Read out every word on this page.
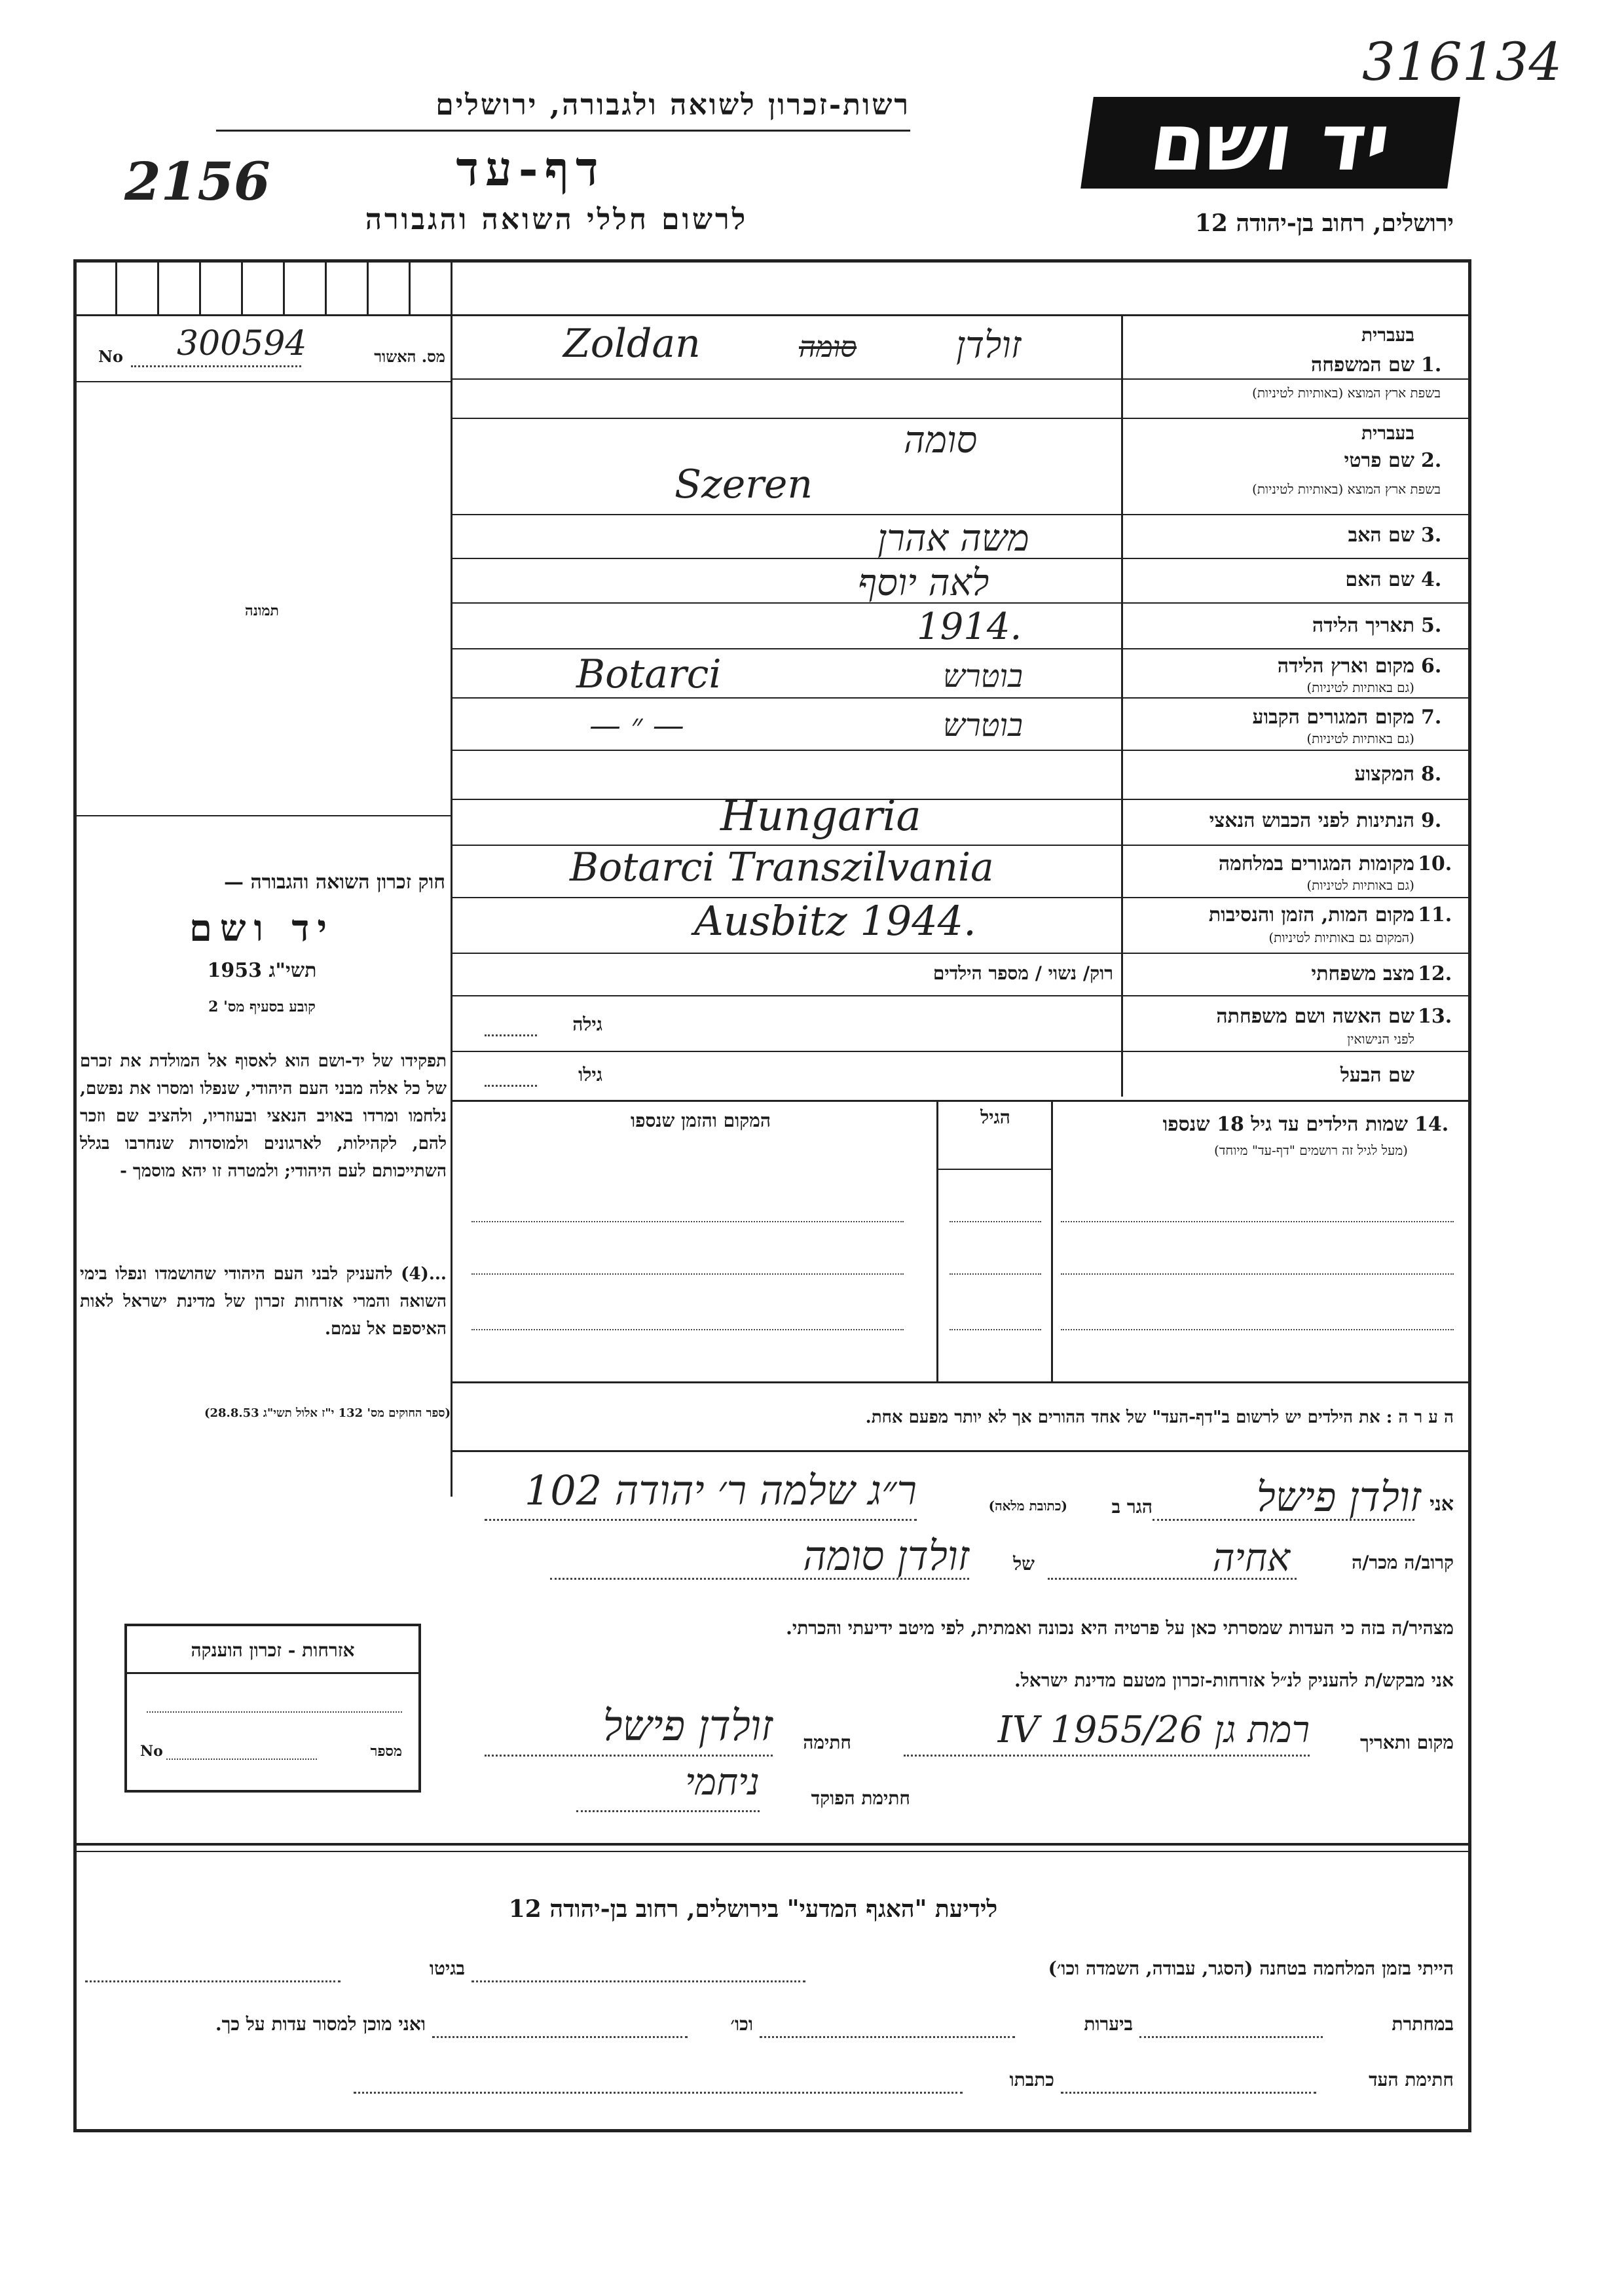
316134
2156
רשות-זכרון לשואה ולגבורה, ירושלים
דף-עד
לרשום חללי השואה והגבורה
יד ושם
ירושלים, רחוב בן-יהודה 12
No 300594	מס. האשור
תמונה
חוק זכרון השואה והגבורה —
יד ושם
תשי"ג 1953
קובע בסעיף מס' 2
תפקידו של יד-ושם הוא לאסוף אל המולדת את זכרם של כל אלה מבני העם היהודי, שנפלו ומסרו את נפשם, נלחמו ומרדו באויב הנאצי ובעוזריו, ולהציב שם וזכר להם, לקהילות, לארגונים ולמוסדות שנחרבו בגלל השתייכותם לעם היהודי; ולמטרה זו יהא מוסמך -
...(4) להעניק לבני העם היהודי שהושמדו ונפלו בימי השואה והמרי אזרחות זכרון של מדינת ישראל לאות האיספם אל עמם.
(ספר החוקים מס' 132 י"ז אלול תשי"ג 28.8.53)
1.
בעברית
שם המשפחה
בשפת ארץ המוצא (באותיות לטיניות)
Zoldan	סומה	זולדן
2.
בעברית
שם פרטי
בשפת ארץ המוצא (באותיות לטיניות)
סומה
Szeren
3.
שם האב
משה אהרן
4.
שם האם
לאה יוסף
5.
תאריך הלידה
1914.
6.
מקום וארץ הלידה
(גם באותיות לטיניות)
Botarci	בוטרש
7.
מקום המגורים הקבוע
(גם באותיות לטיניות)
— ״ —	בוטרש
8.
המקצוע
9.
הנתינות לפני הכבוש הנאצי
Hungaria
10.
מקומות המגורים במלחמה
(גם באותיות לטיניות)
Botarci Transzilvania
11.
מקום המות, הזמן והנסיבות
(המקום גם באותיות לטיניות)
Ausbitz 1944.
12.
מצב משפחתי
רוק/ נשוי / מספר הילדים
13.
שם האשה ושם משפחתה
לפני הנישואין
גילה
שם הבעל
גילו
14.
שמות הילדים עד גיל 18 שנספו
(מעל לגיל זה רושמים "דף-עד" מיוחד)
הגיל
המקום והזמן שנספו
ה ע ר ה : את הילדים יש לרשום ב"דף-העד" של אחד ההורים אך לא יותר מפעם אחת.
אני
זולדן פישל
הגר ב
(כתובת מלאה)
ר״ג שלמה ר׳ יהודה 102
קרוב/ה מכר/ה
אחיה
של
זולדן סומה
מצהיר/ה בזה כי העדות שמסרתי כאן על פרטיה היא נכונה ואמתית, לפי מיטב ידיעתי והכרתי.
אני מבקש/ת להעניק לנ״ל אזרחות-זכרון מטעם מדינת ישראל.
מקום ותאריך
רמת גן 26/IV 1955
חתימה
זולדן פישל
חתימת הפוקד
ניחמי
אזרחות - זכרון הוענקה
No	מספר
לידיעת "האגף המדעי" בירושלים, רחוב בן-יהודה 12
הייתי בזמן המלחמה בטחנה (הסגר, עבודה, השמדה וכו׳)
בגיטו
במחתרת
ביערות
וכו׳
ואני מוכן למסור עדות על כך.
חתימת העד
כתבתו
